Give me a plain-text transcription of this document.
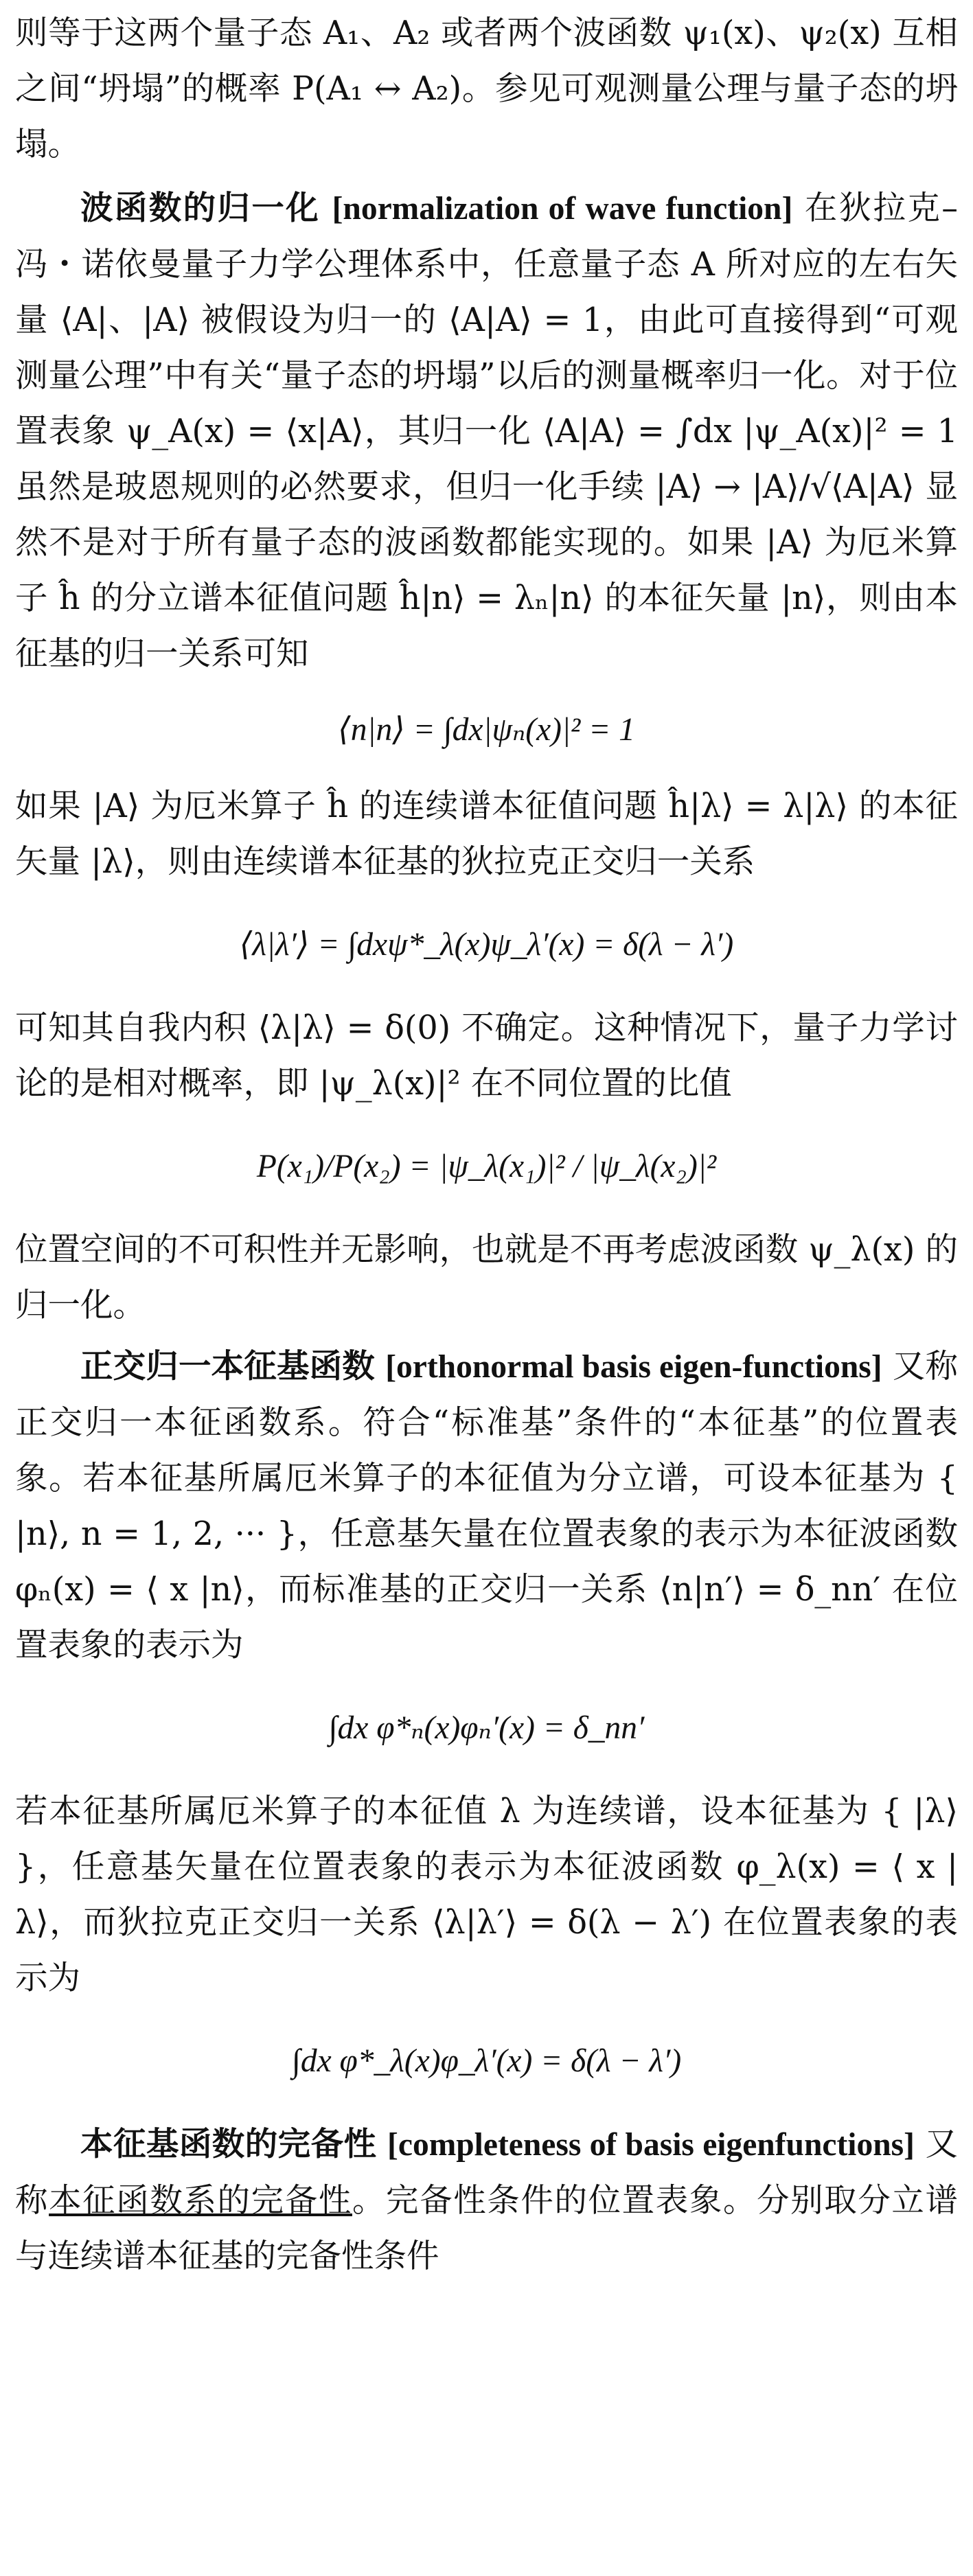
则等于这两个量子态 A₁、A₂ 或者两个波函数 ψ₁(x)、ψ₂(x) 互相之间“坍塌”的概率 P(A₁ ↔ A₂)。参见可观测量公理与量子态的坍塌。

波函数的归一化 [normalization of wave function] 在狄拉克–冯・诺依曼量子力学公理体系中，任意量子态 A 所对应的左右矢量 ⟨A|、|A⟩ 被假设为归一的 ⟨A|A⟩ = 1，由此可直接得到“可观测量公理”中有关“量子态的坍塌”以后的测量概率归一化。对于位置表象 ψ_A(x) = ⟨x|A⟩，其归一化 ⟨A|A⟩ = ∫dx |ψ_A(x)|² = 1 虽然是玻恩规则的必然要求，但归一化手续 |A⟩ → |A⟩/√⟨A|A⟩ 显然不是对于所有量子态的波函数都能实现的。如果 |A⟩ 为厄米算子 ĥ 的分立谱本征值问题 ĥ|n⟩ = λₙ|n⟩ 的本征矢量 |n⟩，则由本征基的归一关系可知

⟨n|n⟩ = ∫dx|ψₙ(x)|² = 1

如果 |A⟩ 为厄米算子 ĥ 的连续谱本征值问题 ĥ|λ⟩ = λ|λ⟩ 的本征矢量 |λ⟩，则由连续谱本征基的狄拉克正交归一关系

⟨λ|λ′⟩ = ∫dxψ*_λ(x)ψ_λ′(x) = δ(λ − λ′)

可知其自我内积 ⟨λ|λ⟩ = δ(0) 不确定。这种情况下，量子力学讨论的是相对概率，即 |ψ_λ(x)|² 在不同位置的比值

P(x₁)/P(x₂) = |ψ_λ(x₁)|² / |ψ_λ(x₂)|²

位置空间的不可积性并无影响，也就是不再考虑波函数 ψ_λ(x) 的归一化。

正交归一本征基函数 [orthonormal basis eigen-functions] 又称正交归一本征函数系。符合“标准基”条件的“本征基”的位置表象。若本征基所属厄米算子的本征值为分立谱，可设本征基为 { |n⟩, n = 1, 2, ··· }，任意基矢量在位置表象的表示为本征波函数 φₙ(x) = ⟨ x |n⟩，而标准基的正交归一关系 ⟨n|n′⟩ = δ_nn′ 在位置表象的表示为

∫dx φ*ₙ(x)φₙ′(x) = δ_nn′

若本征基所属厄米算子的本征值 λ 为连续谱，设本征基为 { |λ⟩ }，任意基矢量在位置表象的表示为本征波函数 φ_λ(x) = ⟨ x |λ⟩，而狄拉克正交归一关系 ⟨λ|λ′⟩ = δ(λ − λ′) 在位置表象的表示为

∫dx φ*_λ(x)φ_λ′(x) = δ(λ − λ′)

本征基函数的完备性 [completeness of basis eigenfunctions] 又称本征函数系的完备性。完备性条件的位置表象。分别取分立谱与连续谱本征基的完备性条件
